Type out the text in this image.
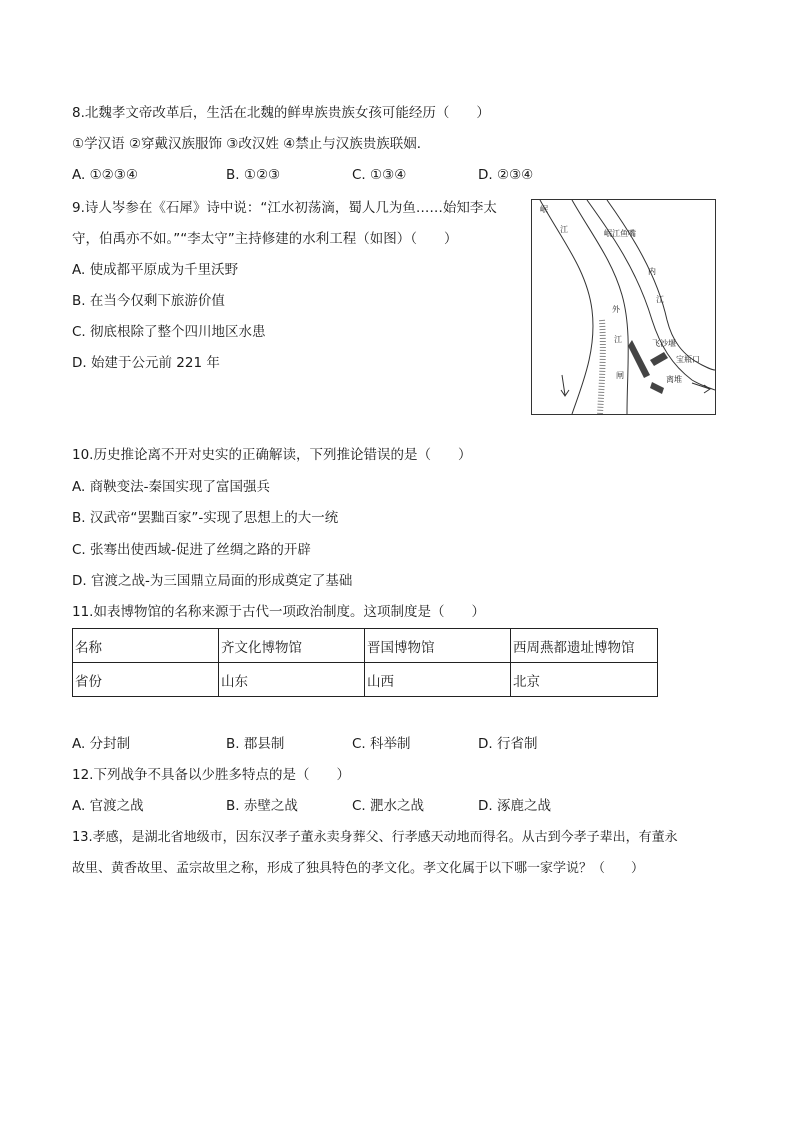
8.北魏孝文帝改革后，生活在北魏的鲜卑族贵族女孩可能经历（　　）
①学汉语 ②穿戴汉族服饰 ③改汉姓 ④禁止与汉族贵族联姻．
A. ①②③④	B. ①②③	C. ①③④	D. ②③④
9.诗人岑参在《石犀》诗中说：“江水初荡滴，蜀人几为鱼……始知李太
守，伯禹亦不如。”“李太守”主持修建的水利工程（如图）（　　）
A. 使成都平原成为千里沃野
B. 在当今仅剩下旅游价值
C. 彻底根除了整个四川地区水患
D. 始建于公元前 221 年
岷
江	岷江鱼嘴
内
江
外
江	飞沙堰
宝瓶口
离堆
闸
10.历史推论离不开对史实的正确解读，下列推论错误的是（　　）
A. 商鞅变法-秦国实现了富国强兵
B. 汉武帝“罢黜百家”-实现了思想上的大一统
C. 张骞出使西域-促进了丝绸之路的开辟
D. 官渡之战-为三国鼎立局面的形成奠定了基础
11.如表博物馆的名称来源于古代一项政治制度。这项制度是（　　）
名称	齐文化博物馆	晋国博物馆	西周燕都遗址博物馆
省份	山东	山西	北京
A. 分封制	B. 郡县制	C. 科举制	D. 行省制
12.下列战争不具备以少胜多特点的是（　　）
A. 官渡之战	B. 赤壁之战	C. 淝水之战	D. 涿鹿之战
13.孝感，是湖北省地级市，因东汉孝子董永卖身葬父、行孝感天动地而得名。从古到今孝子辈出，有董永
故里、黄香故里、孟宗故里之称，形成了独具特色的孝文化。孝文化属于以下哪一家学说？（　　）
